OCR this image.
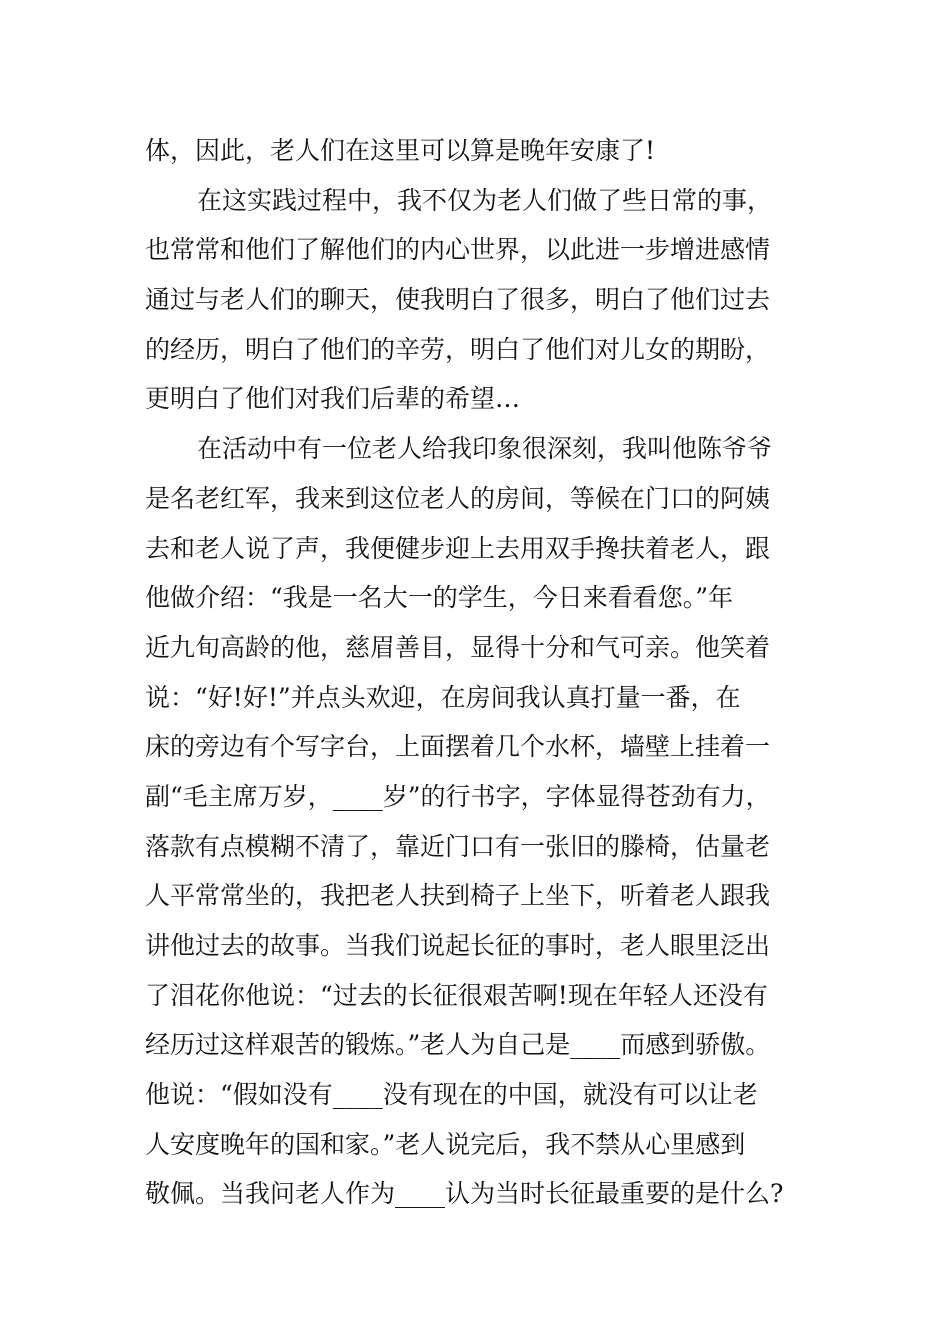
体，因此，老人们在这里可以算是晚年安康了!
在这实践过程中，我不仅为老人们做了些日常的事，
也常常和他们了解他们的内心世界，以此进一步增进感情
通过与老人们的聊天，使我明白了很多，明白了他们过去
的经历，明白了他们的辛劳，明白了他们对儿女的期盼，
更明白了他们对我们后辈的希望…
在活动中有一位老人给我印象很深刻，我叫他陈爷爷
是名老红军，我来到这位老人的房间，等候在门口的阿姨
去和老人说了声，我便健步迎上去用双手搀扶着老人，跟
他做介绍：“我是一名大一的学生，今日来看看您。”年
近九旬高龄的他，慈眉善目，显得十分和气可亲。他笑着
说：“好!好!”并点头欢迎，在房间我认真打量一番，在
床的旁边有个写字台，上面摆着几个水杯，墙壁上挂着一
副“毛主席万岁，____岁”的行书字，字体显得苍劲有力，
落款有点模糊不清了，靠近门口有一张旧的滕椅，估量老
人平常常坐的，我把老人扶到椅子上坐下，听着老人跟我
讲他过去的故事。当我们说起长征的事时，老人眼里泛出
了泪花你他说：“过去的长征很艰苦啊!现在年轻人还没有
经历过这样艰苦的锻炼。”老人为自己是____而感到骄傲。
他说：“假如没有____没有现在的中国，就没有可以让老
人安度晚年的国和家。”老人说完后，我不禁从心里感到
敬佩。当我问老人作为____认为当时长征最重要的是什么?
